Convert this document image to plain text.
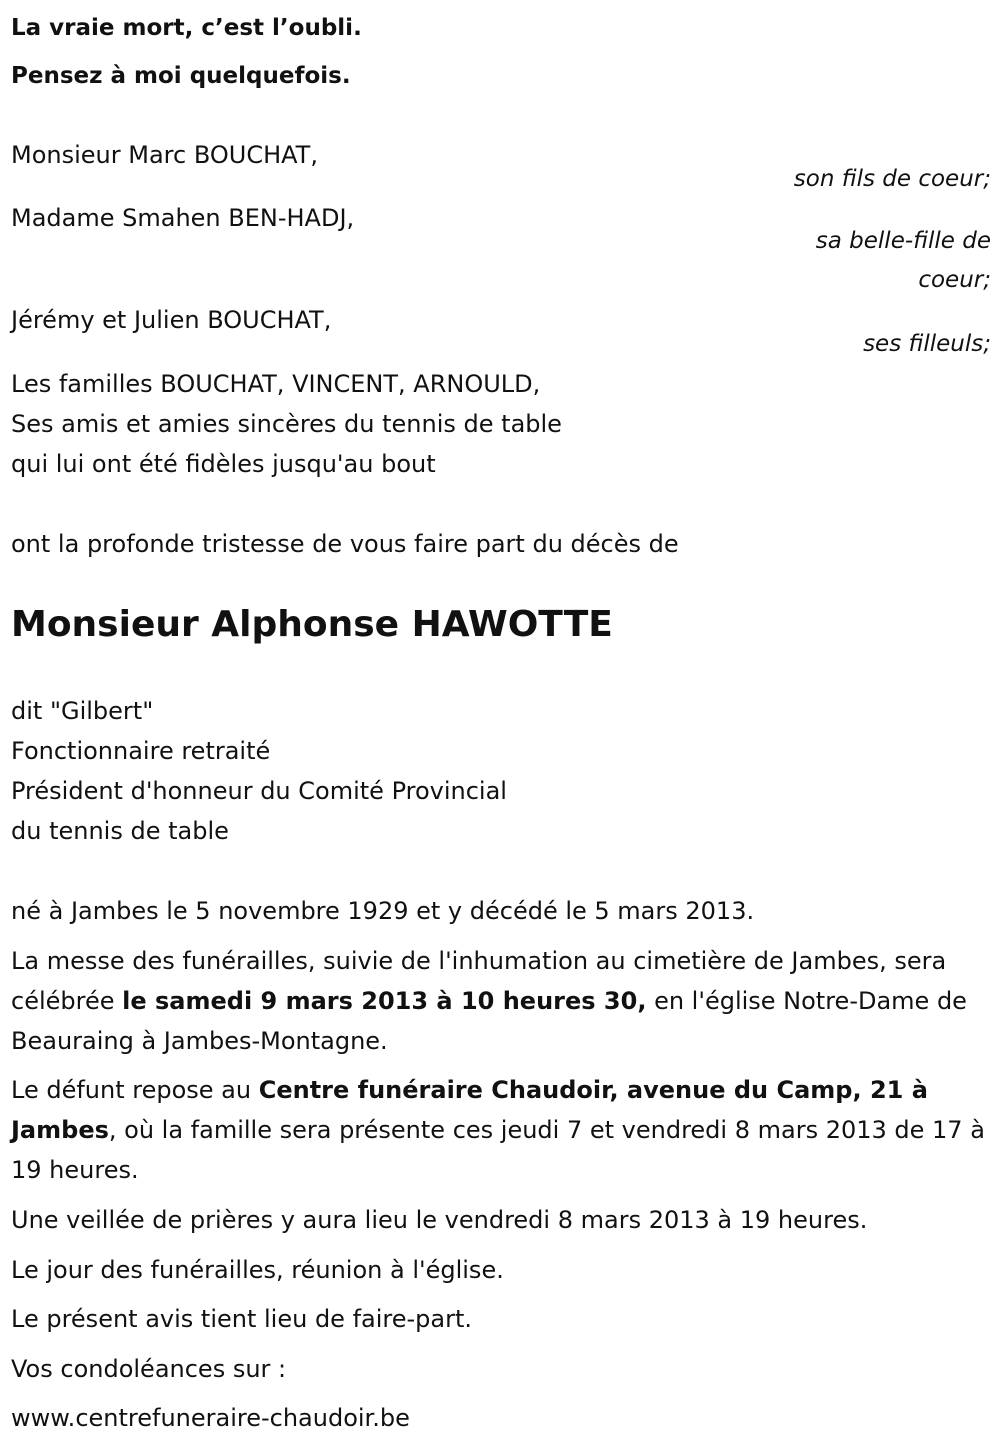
La vraie mort, c’est l’oubli.
Pensez à moi quelquefois.
Monsieur Marc BOUCHAT,
son fils de coeur;
Madame Smahen BEN-HADJ,
sa belle-fille de coeur;
Jérémy et Julien BOUCHAT,
ses filleuls;
Les familles BOUCHAT, VINCENT, ARNOULD,
Ses amis et amies sincères du tennis de table
qui lui ont été fidèles jusqu'au bout
ont la profonde tristesse de vous faire part du décès de
Monsieur Alphonse HAWOTTE
dit "Gilbert"
Fonctionnaire retraité
Président d'honneur du Comité Provincial
du tennis de table
né à Jambes le 5 novembre 1929 et y décédé le 5 mars 2013.
La messe des funérailles, suivie de l'inhumation au cimetière de Jambes, sera célébrée le samedi 9 mars 2013 à 10 heures 30, en l'église Notre-Dame de Beauraing à Jambes-Montagne.
Le défunt repose au Centre funéraire Chaudoir, avenue du Camp, 21 à Jambes, où la famille sera présente ces jeudi 7 et vendredi 8 mars 2013 de 17 à 19 heures.
Une veillée de prières y aura lieu le vendredi 8 mars 2013 à 19 heures.
Le jour des funérailles, réunion à l'église.
Le présent avis tient lieu de faire-part.
Vos condoléances sur :
www.centrefuneraire-chaudoir.be
